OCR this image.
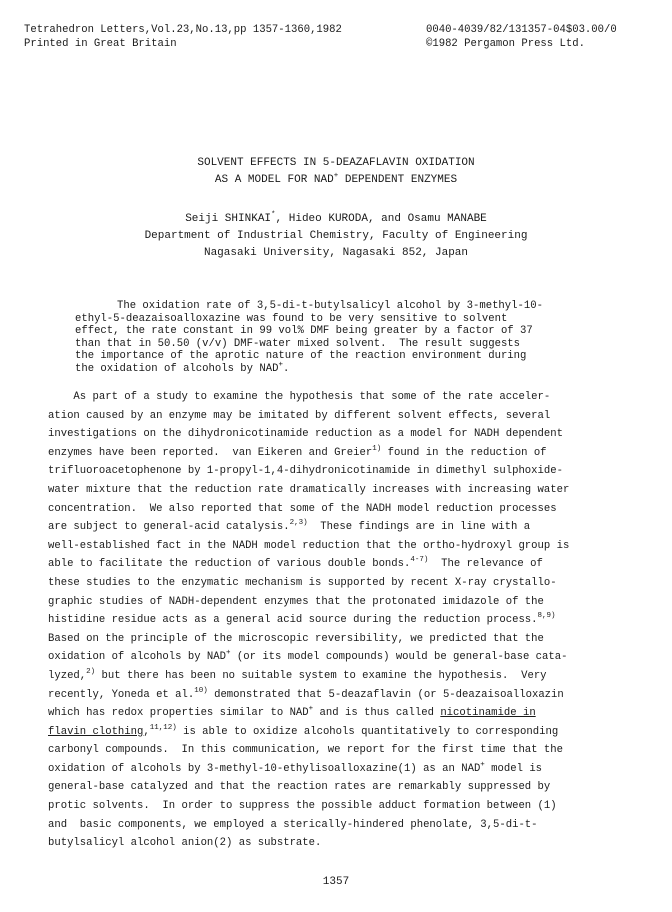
Tetrahedron Letters,Vol.23,No.13,pp 1357-1360,1982	0040-4039/82/131357-04$03.00/0
Printed in Great Britain	©1982 Pergamon Press Ltd.
SOLVENT EFFECTS IN 5-DEAZAFLAVIN OXIDATION
AS A MODEL FOR NAD+ DEPENDENT ENZYMES
Seiji SHINKAI*, Hideo KURODA, and Osamu MANABE
Department of Industrial Chemistry, Faculty of Engineering
Nagasaki University, Nagasaki 852, Japan
The oxidation rate of 3,5-di-t-butylsalicyl alcohol by 3-methyl-10-
ethyl-5-deazaisoalloxazine was found to be very sensitive to solvent
effect, the rate constant in 99 vol% DMF being greater by a factor of 37
than that in 50.50 (v/v) DMF-water mixed solvent.  The result suggests
the importance of the aprotic nature of the reaction environment during
the oxidation of alcohols by NAD+.
As part of a study to examine the hypothesis that some of the rate acceler-
ation caused by an enzyme may be imitated by different solvent effects, several
investigations on the dihydronicotinamide reduction as a model for NADH dependent
enzymes have been reported.  van Eikeren and Greier$^{1)}$ found in the reduction of
trifluoroacetophenone by 1-propyl-1,4-dihydronicotinamide in dimethyl sulphoxide-
water mixture that the reduction rate dramatically increases with increasing water
concentration.  We also reported that some of the NADH model reduction processes
are subject to general-acid catalysis.$^{2,3)}$  These findings are in line with a
well-established fact in the NADH model reduction that the ortho-hydroxyl group is
able to facilitate the reduction of various double bonds.$^{4-7)}$  The relevance of
these studies to the enzymatic mechanism is supported by recent X-ray crystallo-
graphic studies of NADH-dependent enzymes that the protonated imidazole of the
histidine residue acts as a general acid source during the reduction process.$^{8,9)}$
Based on the principle of the microscopic reversibility, we predicted that the
oxidation of alcohols by NAD+ (or its model compounds) would be general-base cata-
lyzed,$^{2)}$ but there has been no suitable system to examine the hypothesis.  Very
recently, Yoneda et al.$^{10)}$ demonstrated that 5-deazaflavin (or 5-deazaisoalloxazin
which has redox properties similar to NAD+ and is thus called nicotinamide in
flavin clothing,$^{11,12)}$ is able to oxidize alcohols quantitatively to corresponding
carbonyl compounds.  In this communication, we report for the first time that the
oxidation of alcohols by 3-methyl-10-ethylisoalloxazine(1) as an NAD+ model is
general-base catalyzed and that the reaction rates are remarkably suppressed by
protic solvents.  In order to suppress the possible adduct formation between (1)
and  basic components, we employed a sterically-hindered phenolate, 3,5-di-t-
butylsalicyl alcohol anion(2) as substrate.
1357
